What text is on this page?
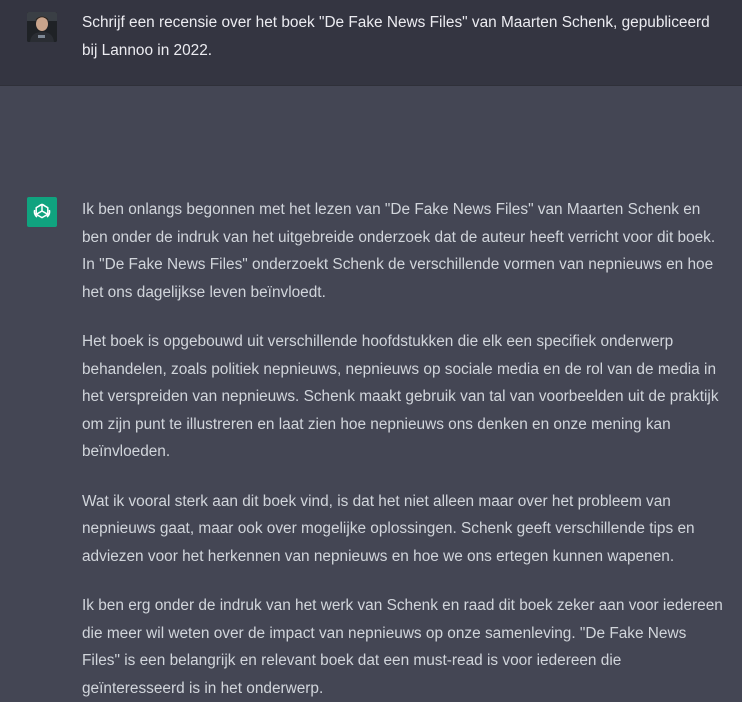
Schrijf een recensie over het boek "De Fake News Files" van Maarten Schenk, gepubliceerd bij Lannoo in 2022.

Ik ben onlangs begonnen met het lezen van "De Fake News Files" van Maarten Schenk en ben onder de indruk van het uitgebreide onderzoek dat de auteur heeft verricht voor dit boek. In "De Fake News Files" onderzoekt Schenk de verschillende vormen van nepnieuws en hoe het ons dagelijkse leven beïnvloedt.

Het boek is opgebouwd uit verschillende hoofdstukken die elk een specifiek onderwerp behandelen, zoals politiek nepnieuws, nepnieuws op sociale media en de rol van de media in het verspreiden van nepnieuws. Schenk maakt gebruik van tal van voorbeelden uit de praktijk om zijn punt te illustreren en laat zien hoe nepnieuws ons denken en onze mening kan beïnvloeden.

Wat ik vooral sterk aan dit boek vind, is dat het niet alleen maar over het probleem van nepnieuws gaat, maar ook over mogelijke oplossingen. Schenk geeft verschillende tips en adviezen voor het herkennen van nepnieuws en hoe we ons ertegen kunnen wapenen.

Ik ben erg onder de indruk van het werk van Schenk en raad dit boek zeker aan voor iedereen die meer wil weten over de impact van nepnieuws op onze samenleving. "De Fake News Files" is een belangrijk en relevant boek dat een must-read is voor iedereen die geïnteresseerd is in het onderwerp.
